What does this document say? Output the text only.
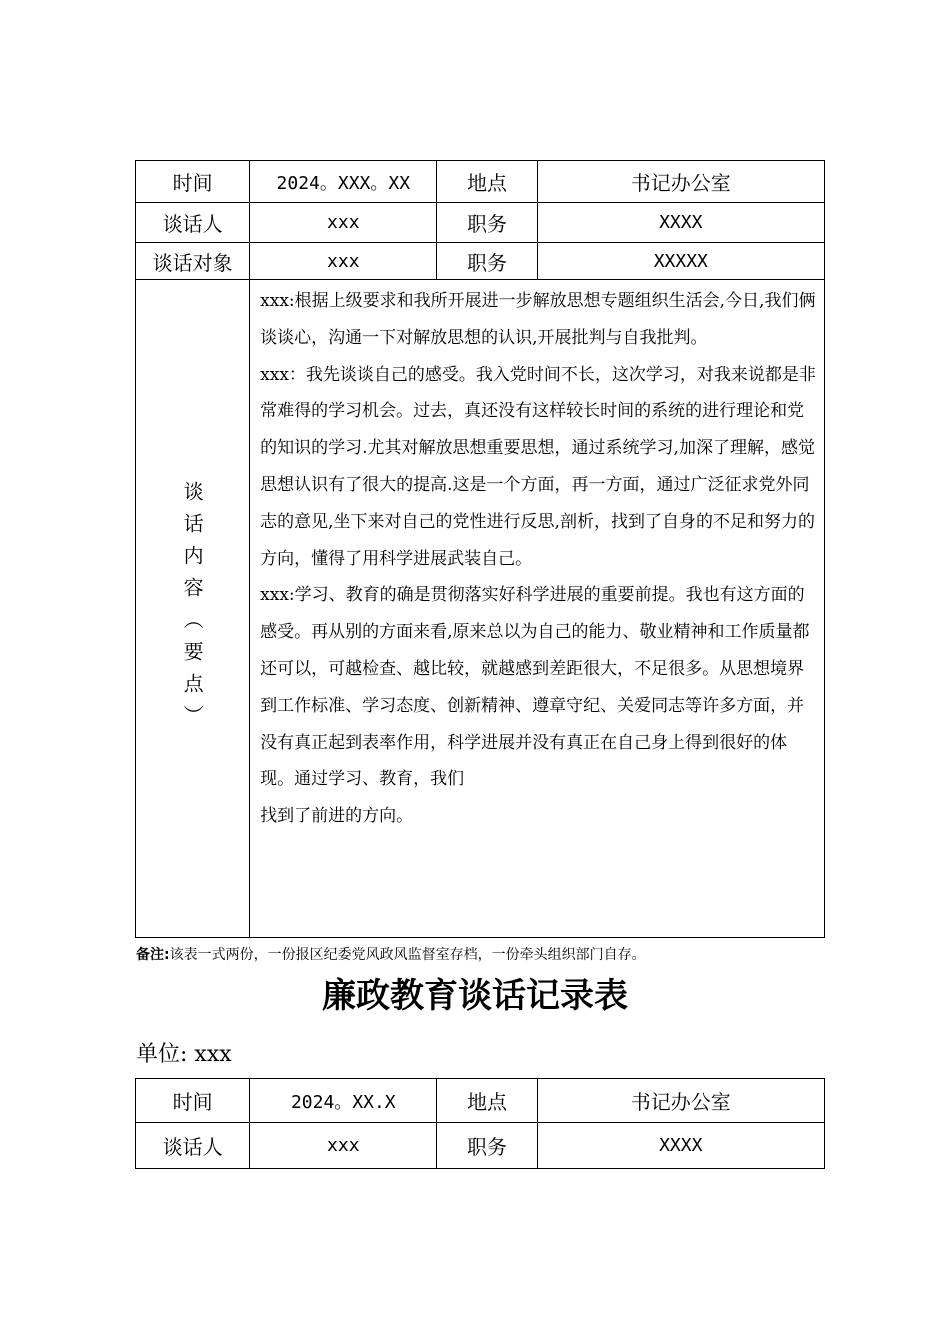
时间	2024。XXX。XX	地点	书记办公室
谈话人	xxx	职务	XXXX
谈话对象	xxx	职务	XXXXX

谈话内容（要点）	xxx:根据上级要求和我所开展进一步解放思想专题组织生活会,今日,我们俩谈谈心，沟通一下对解放思想的认识,开展批判与自我批判。

xxx：我先谈谈自己的感受。我入党时间不长，这次学习，对我来说都是非常难得的学习机会。过去，真还没有这样较长时间的系统的进行理论和党的知识的学习.尤其对解放思想重要思想，通过系统学习,加深了理解，感觉思想认识有了很大的提高.这是一个方面，再一方面，通过广泛征求党外同志的意见,坐下来对自己的党性进行反思,剖析，找到了自身的不足和努力的方向，懂得了用科学进展武装自己。

xxx:学习、教育的确是贯彻落实好科学进展的重要前提。我也有这方面的感受。再从别的方面来看,原来总以为自己的能力、敬业精神和工作质量都还可以，可越检查、越比较，就越感到差距很大，不足很多。从思想境界到工作标准、学习态度、创新精神、遵章守纪、关爱同志等许多方面，并没有真正起到表率作用，科学进展并没有真正在自己身上得到很好的体现。通过学习、教育，我们

找到了前进的方向。		

备注:该表一式两份，一份报区纪委党风政风监督室存档，一份牵头组织部门自存。
廉政教育谈话记录表
单位: xxx
时间	2024。XX.X	地点	书记办公室
谈话人	xxx	职务	XXXX
